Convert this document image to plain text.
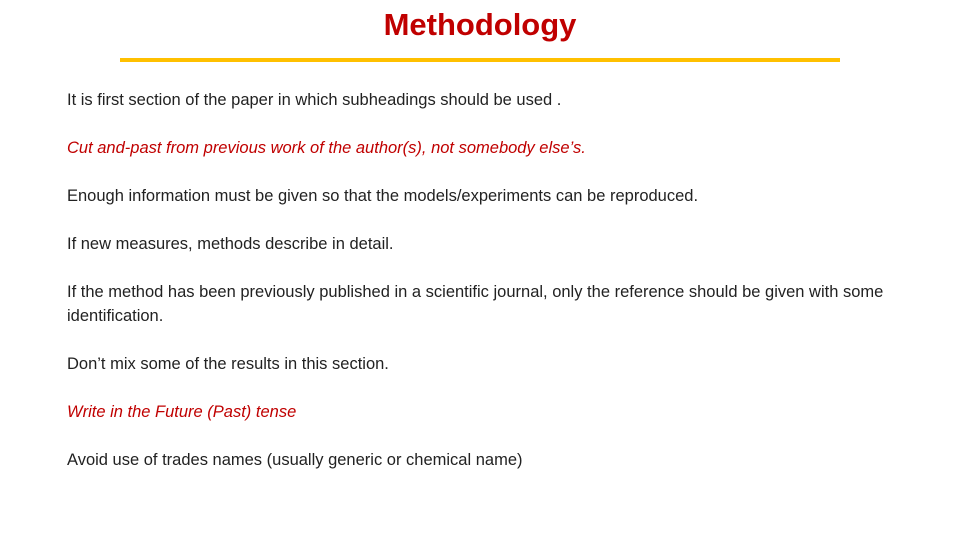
Methodology

It is first section of the paper in which subheadings should be used .

Cut and-past from previous work of the author(s), not somebody else’s.

Enough information must be given so that the models/experiments can be reproduced.

If new measures, methods describe in detail.

If the method has been previously published in a scientific journal, only the reference should be given with some identification.

Don’t mix some of the results in this section.

Write in the Future (Past) tense

Avoid use of trades names (usually generic or chemical name)
